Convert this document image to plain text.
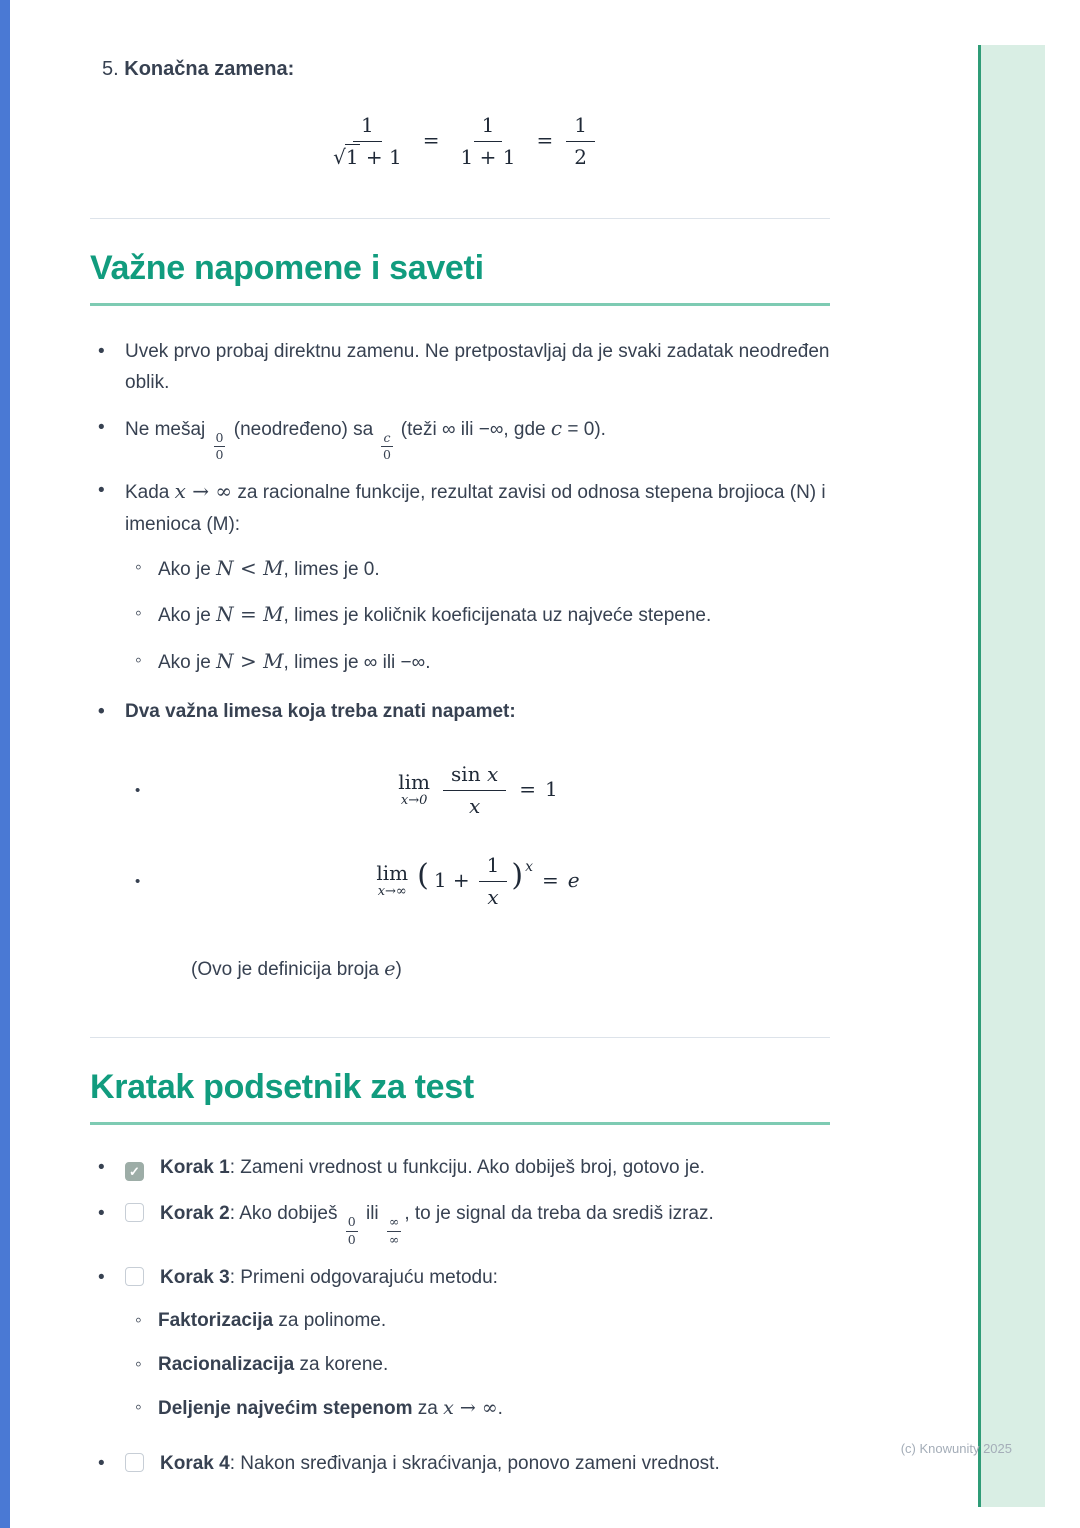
5. Konačna zamena:
$\frac{1}{√1 + 1} = \frac{1}{1 + 1} = \frac{1}{2}$
Važne napomene i saveti
• Uvek prvo probaj direktnu zamenu. Ne pretpostavljaj da je svaki zadatak neodređen oblik.
• Ne mešaj
$\frac{0}{0}$
(neodređeno) sa
$\frac{c}{0}$
(teži ∞ ili −∞, gde c = 0).
• Kada x → ∞ za racionalne funkcije, rezultat zavisi od odnosa stepena brojioca (N) i imenioca (M):
◦ Ako je N < M, limes je 0.
◦ Ako je N = M, limes je količnik koeficijenata uz najveće stepene.
◦ Ako je N > M, limes je ∞ ili −∞.
• Dva važna limesa koja treba znati napamet:
• lim
$x\to 0 \frac{\text{sin x}}{x} = 1$
• lim
x→∞ ( $1 + \frac{1}{x}$ ) $^x$= e
(Ovo je definicija broja e)
Kratak podsetnik za test
• ✓ Korak 1: Zameni vrednost u funkciju. Ako dobiješ broj, gotovo je.
• Korak 2: Ako dobiješ
$\frac{0}{0}$
ili ∞
∞
, to je signal da treba da središ izraz.
• Korak 3: Primeni odgovarajuću metodu:
◦ Faktorizacija za polinome.
◦ Racionalizacija za korene.
◦ Deljenje najvećim stepenom za x → ∞.
• Korak 4: Nakon sređivanja i skraćivanja, ponovo zameni vrednost.
(c) Knowunity 2025
